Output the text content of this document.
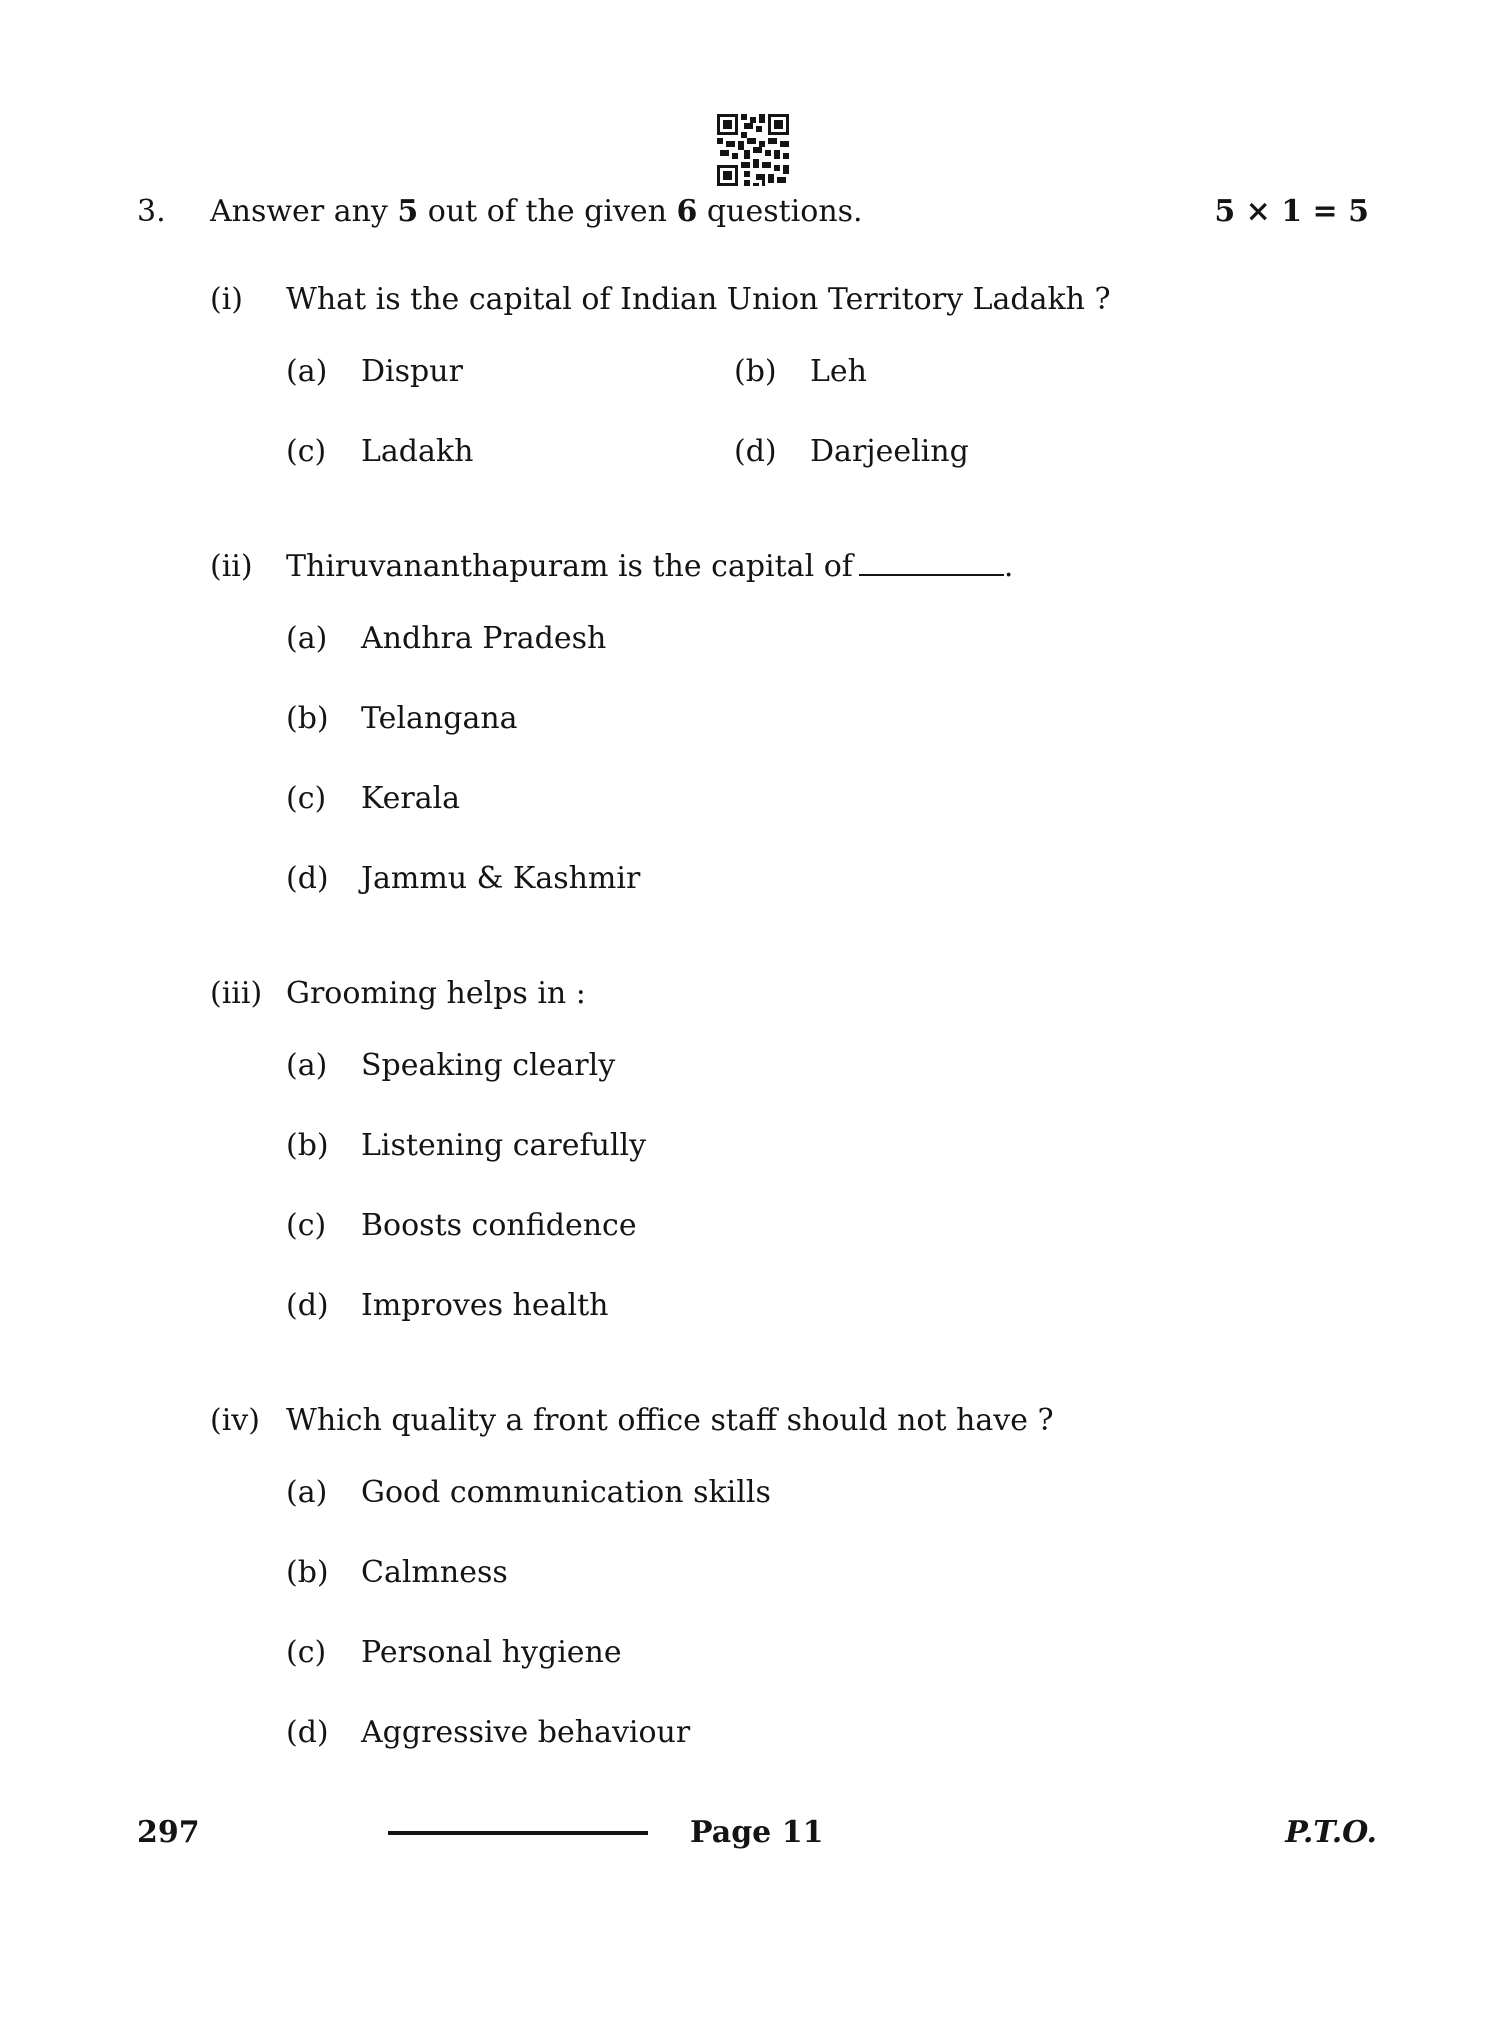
3. Answer any 5 out of the given 6 questions.	5 × 1 = 5
(i) What is the capital of Indian Union Territory Ladakh ?
(a) Dispur	(b) Leh
(c) Ladakh	(d) Darjeeling
(ii) Thiruvananthapuram is the capital of	.
(a) Andhra Pradesh
(b) Telangana
(c) Kerala
(d) Jammu & Kashmir
(iii) Grooming helps in :
(a) Speaking clearly
(b) Listening carefully
(c) Boosts confidence
(d) Improves health
(iv) Which quality a front office staff should not have ?
(a) Good communication skills
(b) Calmness
(c) Personal hygiene
(d) Aggressive behaviour
297	Page 11	P.T.O.
